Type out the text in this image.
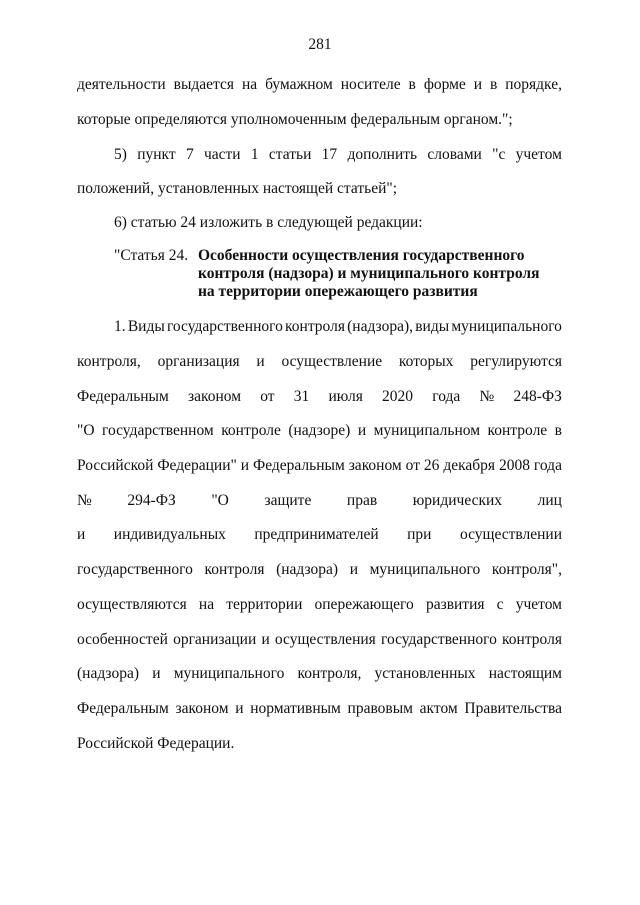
281
деятельности выдается на бумажном носителе в форме и в порядке,
которые определяются уполномоченным федеральным органом.";
5) пункт 7 части 1 статьи 17 дополнить словами "с учетом
положений, установленных настоящей статьей";
6) статью 24 изложить в следующей редакции:
"Статья 24. Особенности осуществления государственного
контроля (надзора) и муниципального контроля
на территории опережающего развития
1. Виды государственного контроля (надзора), виды муниципального
контроля, организация и осуществление которых регулируются
Федеральным законом от 31 июля 2020 года № 248-ФЗ
"О государственном контроле (надзоре) и муниципальном контроле в
Российской Федерации" и Федеральным законом от 26 декабря 2008 года
№ 294-ФЗ "О защите прав юридических лиц
и индивидуальных предпринимателей при осуществлении
государственного контроля (надзора) и муниципального контроля",
осуществляются на территории опережающего развития с учетом
особенностей организации и осуществления государственного контроля
(надзора) и муниципального контроля, установленных настоящим
Федеральным законом и нормативным правовым актом Правительства
Российской Федерации.
